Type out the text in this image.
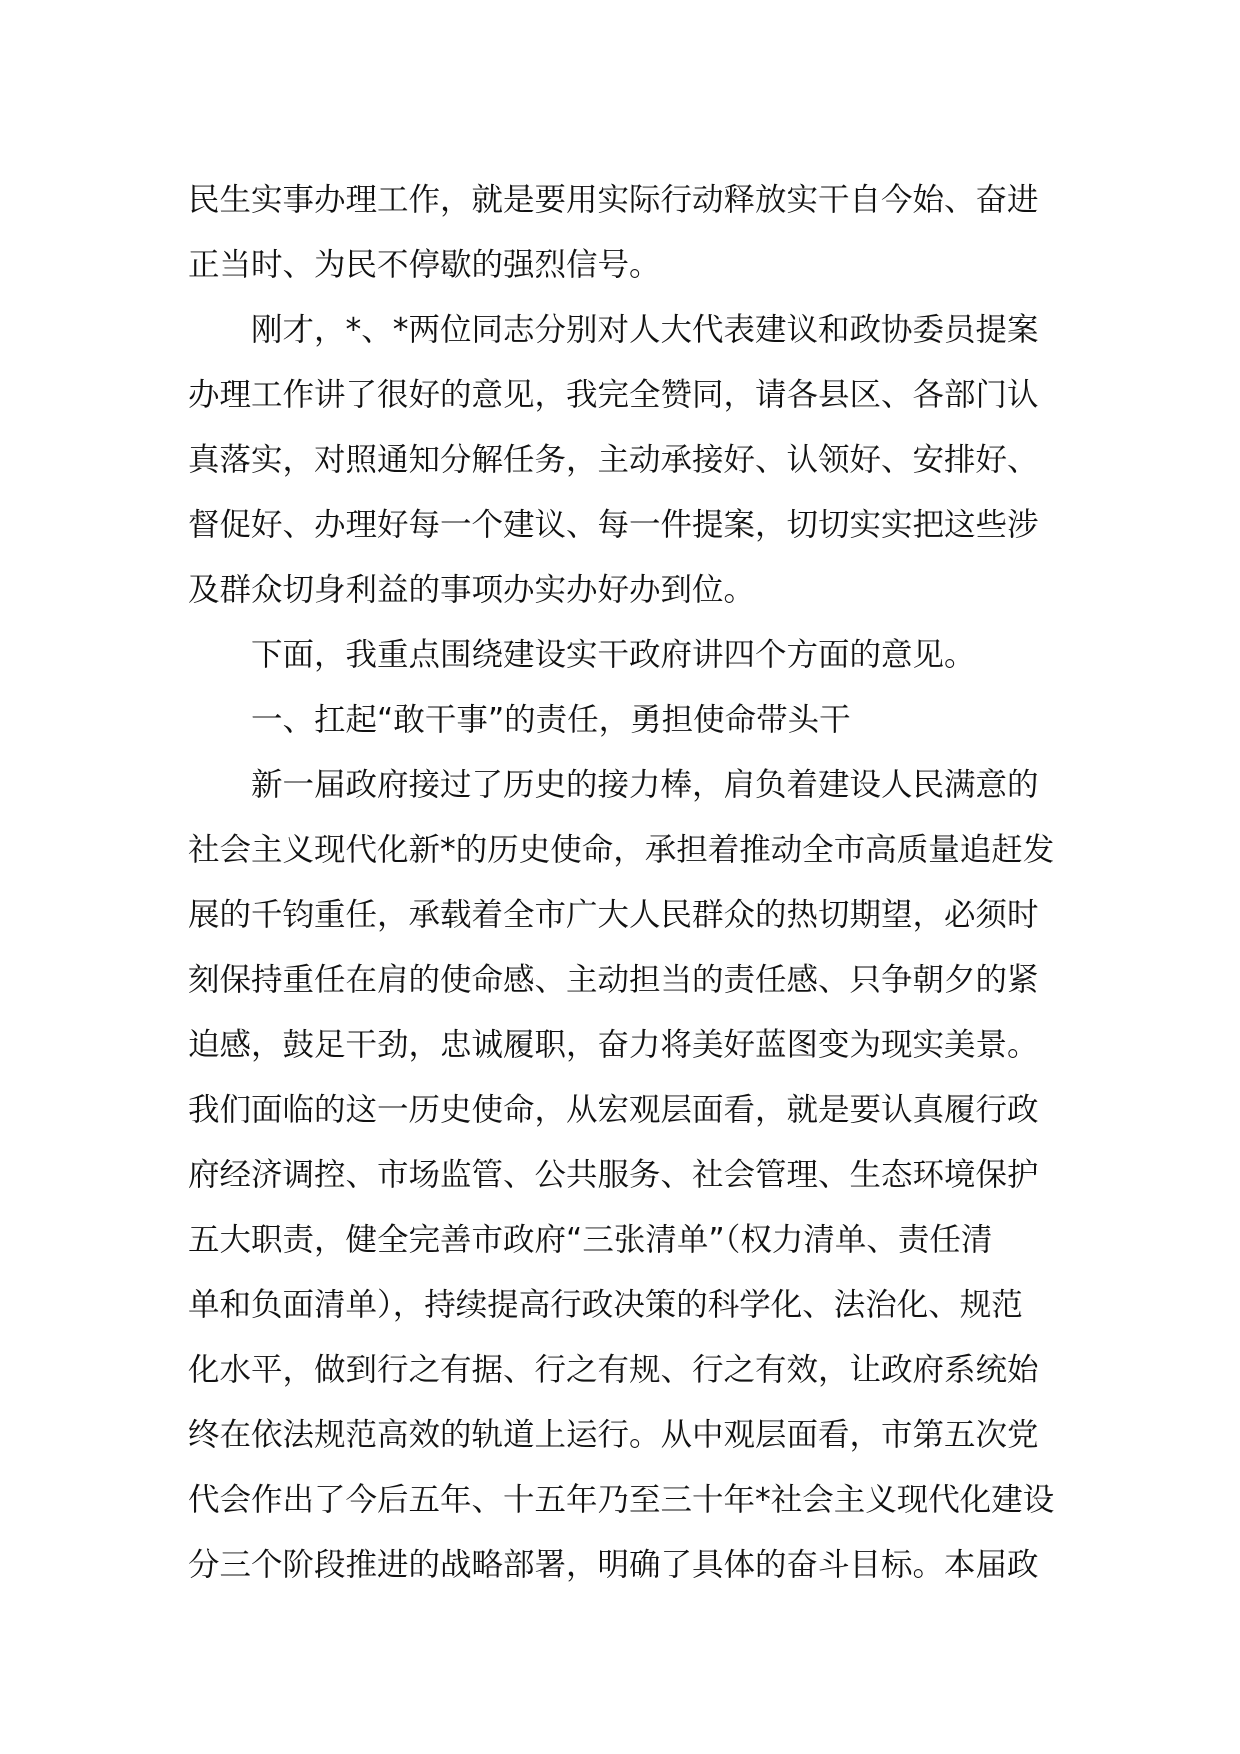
民生实事办理工作，就是要用实际行动释放实干自今始、奋进
正当时、为民不停歇的强烈信号。
　　刚才，*、*两位同志分别对人大代表建议和政协委员提案
办理工作讲了很好的意见，我完全赞同，请各县区、各部门认
真落实，对照通知分解任务，主动承接好、认领好、安排好、
督促好、办理好每一个建议、每一件提案，切切实实把这些涉
及群众切身利益的事项办实办好办到位。
　　下面，我重点围绕建设实干政府讲四个方面的意见。
　　一、扛起“敢干事”的责任，勇担使命带头干
　　新一届政府接过了历史的接力棒，肩负着建设人民满意的
社会主义现代化新*的历史使命，承担着推动全市高质量追赶发
展的千钧重任，承载着全市广大人民群众的热切期望，必须时
刻保持重任在肩的使命感、主动担当的责任感、只争朝夕的紧
迫感，鼓足干劲，忠诚履职，奋力将美好蓝图变为现实美景。
我们面临的这一历史使命，从宏观层面看，就是要认真履行政
府经济调控、市场监管、公共服务、社会管理、生态环境保护
五大职责，健全完善市政府“三张清单”（权力清单、责任清
单和负面清单），持续提高行政决策的科学化、法治化、规范
化水平，做到行之有据、行之有规、行之有效，让政府系统始
终在依法规范高效的轨道上运行。从中观层面看，市第五次党
代会作出了今后五年、十五年乃至三十年*社会主义现代化建设
分三个阶段推进的战略部署，明确了具体的奋斗目标。本届政
